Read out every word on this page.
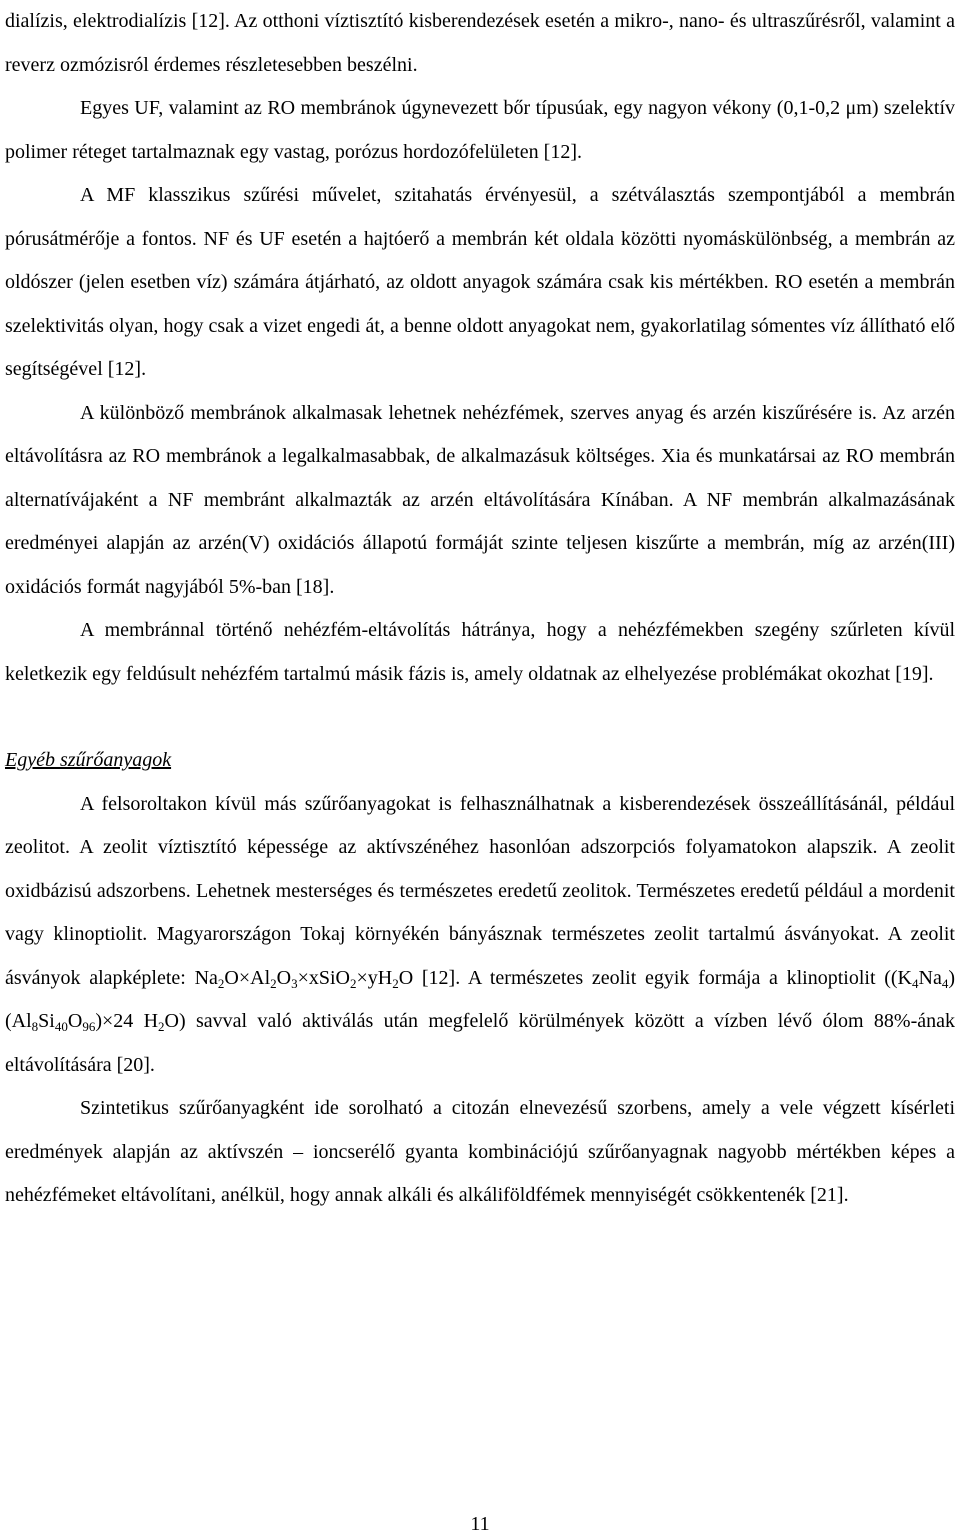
dialízis, elektrodialízis [12]. Az otthoni víztisztító kisberendezések esetén a mikro-, nano- és ultraszűrésről, valamint a reverz ozmózisról érdemes részletesebben beszélni.

Egyes UF, valamint az RO membránok úgynevezett bőr típusúak, egy nagyon vékony (0,1-0,2 μm) szelektív polimer réteget tartalmaznak egy vastag, porózus hordozófelületen [12].

A MF klasszikus szűrési művelet, szitahatás érvényesül, a szétválasztás szempontjából a membrán pórusátmérője a fontos. NF és UF esetén a hajtóerő a membrán két oldala közötti nyomáskülönbség, a membrán az oldószer (jelen esetben víz) számára átjárható, az oldott anyagok számára csak kis mértékben. RO esetén a membrán szelektivitás olyan, hogy csak a vizet engedi át, a benne oldott anyagokat nem, gyakorlatilag sómentes víz állítható elő segítségével [12].

A különböző membránok alkalmasak lehetnek nehézfémek, szerves anyag és arzén kiszűrésére is. Az arzén eltávolításra az RO membránok a legalkalmasabbak, de alkalmazásuk költséges. Xia és munkatársai az RO membrán alternatívájaként a NF membránt alkalmazták az arzén eltávolítására Kínában. A NF membrán alkalmazásának eredményei alapján az arzén(V) oxidációs állapotú formáját szinte teljesen kiszűrte a membrán, míg az arzén(III) oxidációs formát nagyjából 5%-ban [18].

A membránnal történő nehézfém-eltávolítás hátránya, hogy a nehézfémekben szegény szűrleten kívül keletkezik egy feldúsult nehézfém tartalmú másik fázis is, amely oldatnak az elhelyezése problémákat okozhat [19].

Egyéb szűrőanyagok

A felsoroltakon kívül más szűrőanyagokat is felhasználhatnak a kisberendezések összeállításánál, például zeolitot. A zeolit víztisztító képessége az aktívszénéhez hasonlóan adszorpciós folyamatokon alapszik. A zeolit oxidbázisú adszorbens. Lehetnek mesterséges és természetes eredetű zeolitok. Természetes eredetű például a mordenit vagy klinoptiolit. Magyarországon Tokaj környékén bányásznak természetes zeolit tartalmú ásványokat. A zeolit ásványok alapképlete: $Na_2O\times Al_2O_3\times xSiO_2\times yH_2O$ [12]. A természetes zeolit egyik formája a klinoptiolit ($(K_4Na_4)(Al_8Si_{40}O_{96})\times 24$ $H_2O$) savval való aktiválás után megfelelő körülmények között a vízben lévő ólom 88%-ának eltávolítására [20].

Szintetikus szűrőanyagként ide sorolható a citozán elnevezésű szorbens, amely a vele végzett kísérleti eredmények alapján az aktívszén – ioncserélő gyanta kombinációjú szűrőanyagnak nagyobb mértékben képes a nehézfémeket eltávolítani, anélkül, hogy annak alkáli és alkáliföldfémek mennyiségét csökkentenék [21].

11
